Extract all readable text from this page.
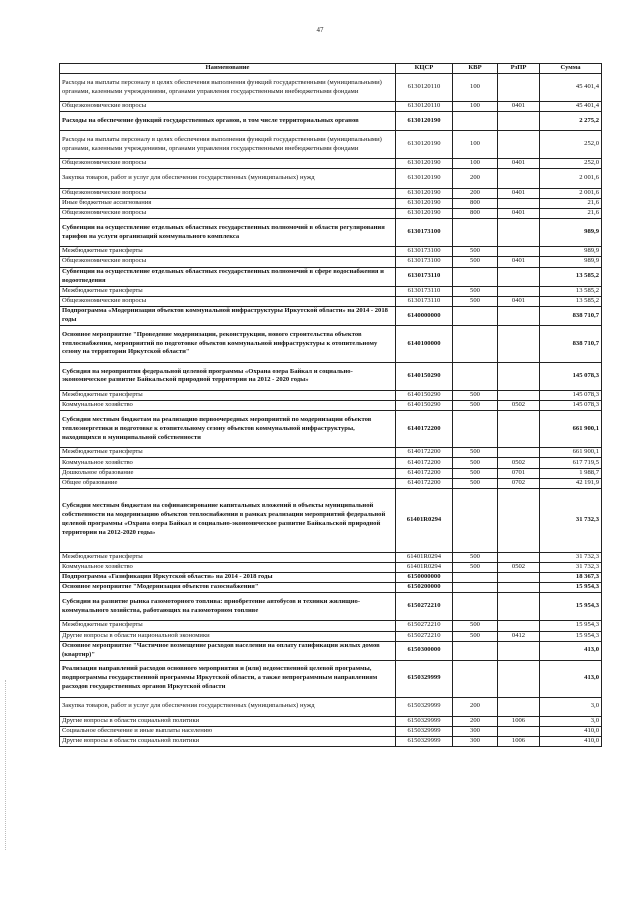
47
Наименование	КЦСР	КВР	РзПР	Сумма
Расходы на выплаты персоналу в целях обеспечения выполнения функций государственными (муниципальными) органами, казенными учреждениями, органами управления государственными внебюджетными фондами	6130120110	100		45 401,4
Общеэкономические вопросы	6130120110	100	0401	45 401,4
Расходы на обеспечение функций государственных органов, в том числе территориальных органов	6130120190			2 275,2
Расходы на выплаты персоналу в целях обеспечения выполнения функций государственными (муниципальными) органами, казенными учреждениями, органами управления государственными внебюджетными фондами	6130120190	100		252,0
Общеэкономические вопросы	6130120190	100	0401	252,0
Закупка товаров, работ и услуг для обеспечения государственных (муниципальных) нужд	6130120190	200		2 001,6
Общеэкономические вопросы	6130120190	200	0401	2 001,6
Иные бюджетные ассигнования	6130120190	800		21,6
Общеэкономические вопросы	6130120190	800	0401	21,6
Субвенции на осуществление отдельных областных государственных полномочий в области регулирования тарифов на услуги организаций коммунального комплекса	6130173100			989,9
Межбюджетные трансферты	6130173100	500		989,9
Общеэкономические вопросы	6130173100	500	0401	989,9
Субвенции на осуществление отдельных областных государственных полномочий в сфере водоснабжения и водоотведения	6130173110			13 585,2
Межбюджетные трансферты	6130173110	500		13 585,2
Общеэкономические вопросы	6130173110	500	0401	13 585,2
Подпрограмма «Модернизация объектов коммунальной инфраструктуры Иркутской области» на 2014 - 2018 годы	6140000000			838 710,7
Основное мероприятие "Проведение модернизации, реконструкции, нового строительства объектов теплоснабжения, мероприятий по подготовке объектов коммунальной инфраструктуры к отопительному сезону на территории Иркутской области"	6140100000			838 710,7
Субсидия на мероприятия федеральной целевой программы «Охрана озера Байкал и социально-экономическое развитие Байкальской природной территории на 2012 - 2020 годы»	6140150290			145 078,3
Межбюджетные трансферты	6140150290	500		145 078,3
Коммунальное хозяйство	6140150290	500	0502	145 078,3
Субсидии местным бюджетам на реализацию первоочередных мероприятий по модернизации объектов теплоэнергетики и подготовке к отопительному сезону объектов коммунальной инфраструктуры, находящихся в муниципальной собственности	6140172200			661 900,1
Межбюджетные трансферты	6140172200	500		661 900,1
Коммунальное хозяйство	6140172200	500	0502	617 719,5
Дошкольное образование	6140172200	500	0701	1 988,7
Общее образование	6140172200	500	0702	42 191,9
Субсидии местным бюджетам на софинансирование капитальных вложений в объекты муниципальной собственности на модернизацию объектов теплоснабжения в рамках реализации мероприятий федеральной целевой программы «Охрана озера Байкал и социально-экономическое развитие Байкальской природной территории на 2012-2020 годы»	61401R0294			31 732,3
Межбюджетные трансферты	61401R0294	500		31 732,3
Коммунальное хозяйство	61401R0294	500	0502	31 732,3
Подпрограмма «Газификация Иркутской области» на 2014 - 2018 годы	6150000000			18 367,3
Основное мероприятие "Модернизация объектов газоснабжения"	6150200000			15 954,3
Субсидии на развитие рынка газомоторного топлива: приобретение автобусов и техники жилищно-коммунального хозяйства, работающих на газомоторном топливе	6150272210			15 954,3
Межбюджетные трансферты	6150272210	500		15 954,3
Другие вопросы в области национальной экономики	6150272210	500	0412	15 954,3
Основное мероприятие "Частичное возмещение расходов населения на оплату газификации жилых домов (квартир)"	6150300000			413,0
Реализация направлений расходов основного мероприятия и (или) ведомственной целевой программы, подпрограммы государственной программы Иркутской области, а также непрограммным направлениям расходов государственных органов Иркутской области	6150329999			413,0
Закупка товаров, работ и услуг для обеспечения государственных (муниципальных) нужд	6150329999	200		3,0
Другие вопросы в области социальной политики	6150329999	200	1006	3,0
Социальное обеспечение и иные выплаты населению	6150329999	300		410,0
Другие вопросы в области социальной политики	6150329999	300	1006	410,0
